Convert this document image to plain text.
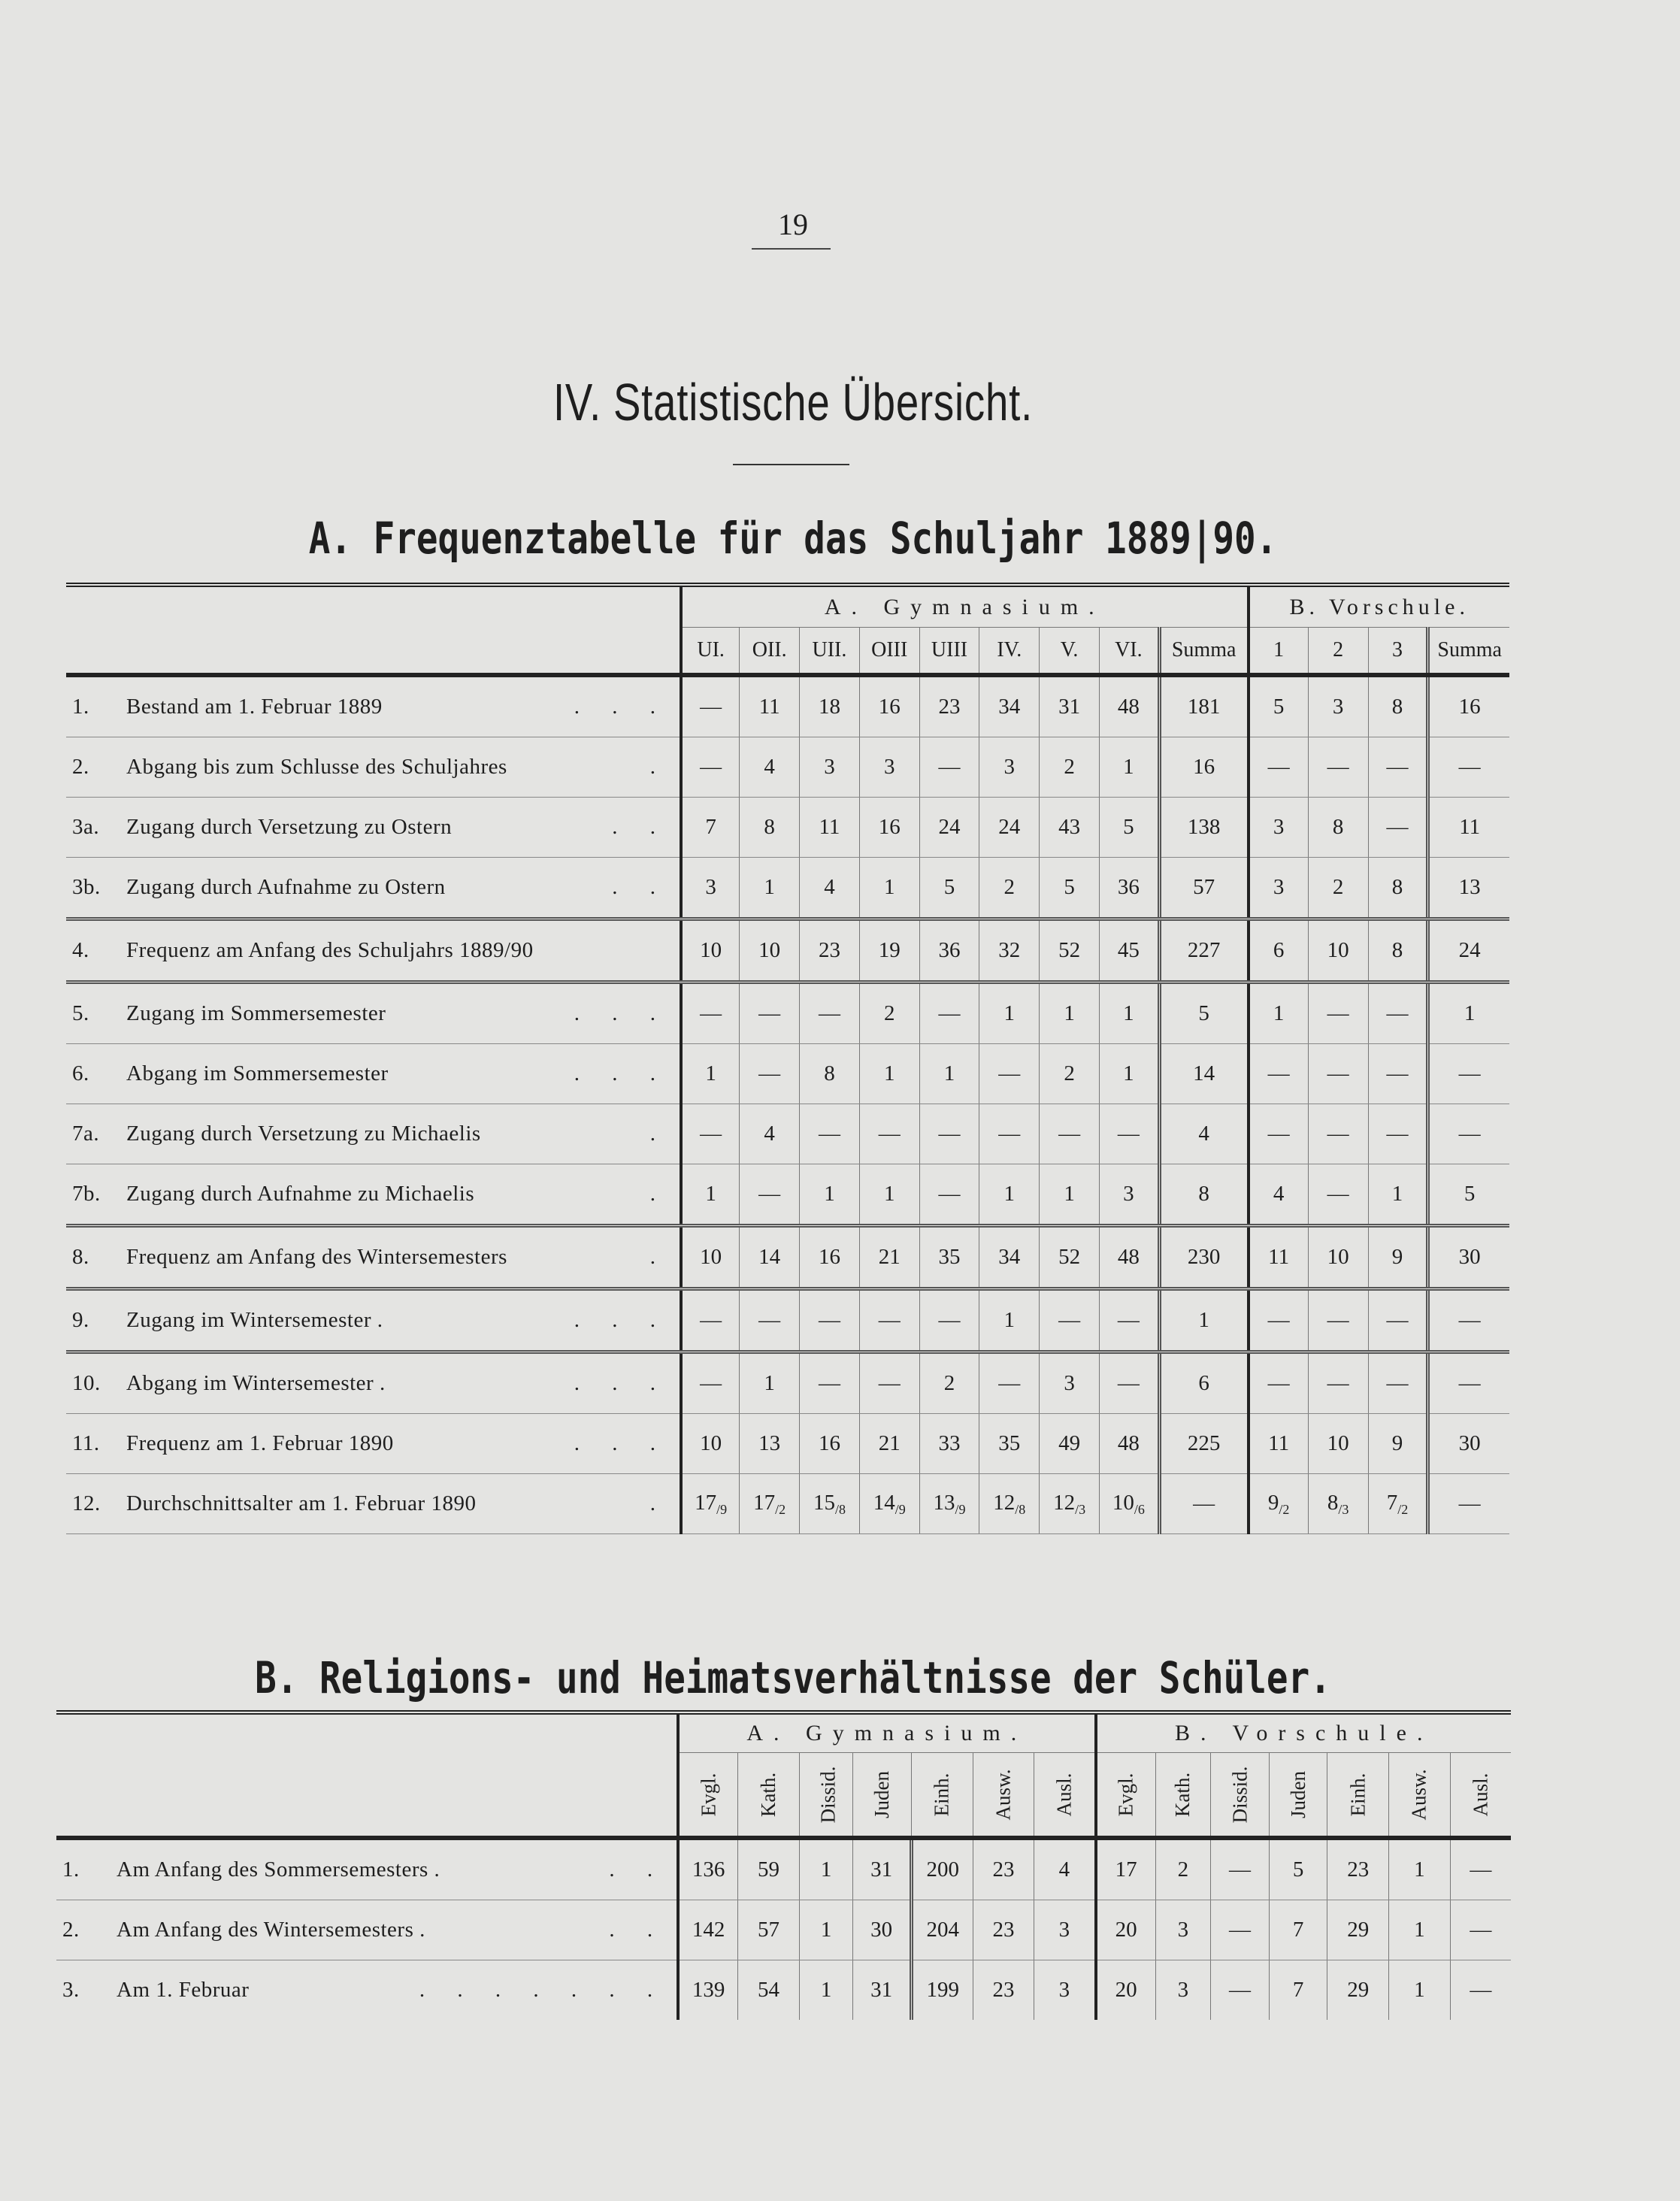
19
IV. Statistische Übersicht.
A. Frequenztabelle für das Schuljahr 1889|90.
	A. Gymnasium.									B. Vorschule.			
	UI.	OII.	UII.	OIII	UIII	IV.	V.	VI.	Summa	1	2	3	Summa
1. Bestand am 1. Februar 1889 . . .	—	11	18	16	23	34	31	48	181	5	3	8	16
2. Abgang bis zum Schlusse des Schuljahres .	—	4	3	3	—	3	2	1	16	—	—	—	—
3a. Zugang durch Versetzung zu Ostern . .	7	8	11	16	24	24	43	5	138	3	8	—	11
3b. Zugang durch Aufnahme zu Ostern . .	3	1	4	1	5	2	5	36	57	3	2	8	13
4. Frequenz am Anfang des Schuljahrs 1889/90	10	10	23	19	36	32	52	45	227	6	10	8	24
5. Zugang im Sommersemester . . .	—	—	—	2	—	1	1	1	5	1	—	—	1
6. Abgang im Sommersemester . . .	1	—	8	1	1	—	2	1	14	—	—	—	—
7a. Zugang durch Versetzung zu Michaelis .	—	4	—	—	—	—	—	—	4	—	—	—	—
7b. Zugang durch Aufnahme zu Michaelis .	1	—	1	1	—	1	1	3	8	4	—	1	5
8. Frequenz am Anfang des Wintersemesters .	10	14	16	21	35	34	52	48	230	11	10	9	30
9. Zugang im Wintersemester . . . .	—	—	—	—	—	1	—	—	1	—	—	—	—
10. Abgang im Wintersemester . . . .	—	1	—	—	2	—	3	—	6	—	—	—	—
11. Frequenz am 1. Februar 1890 . . .	10	13	16	21	33	35	49	48	225	11	10	9	30
12. Durchschnittsalter am 1. Februar 1890 .	$17_{/9}$	$17_{/2}$	$15_{/8}$	$14_{/9}$	$13_{/9}$	$12_{/8}$	$12_{/3}$	$10_{/6}$	—	$9_{/2}$	$8_{/3}$	$7_{/2}$	—
B. Religions- und Heimatsverhältnisse der Schüler.
	A. Gymnasium.							B. Vorschule.						
	Evgl.	Kath.	Dissid.	Juden	Einh.	Ausw.	Ausl.	Evgl.	Kath.	Dissid.	Juden	Einh.	Ausw.	Ausl.
1. Am Anfang des Sommersemesters . . .	136	59	1	31	200	23	4	17	2	—	5	23	1	—
2. Am Anfang des Wintersemesters . . .	142	57	1	30	204	23	3	20	3	—	7	29	1	—
3. Am 1. Februar . . . . . . .	139	54	1	31	199	23	3	20	3	—	7	29	1	—
